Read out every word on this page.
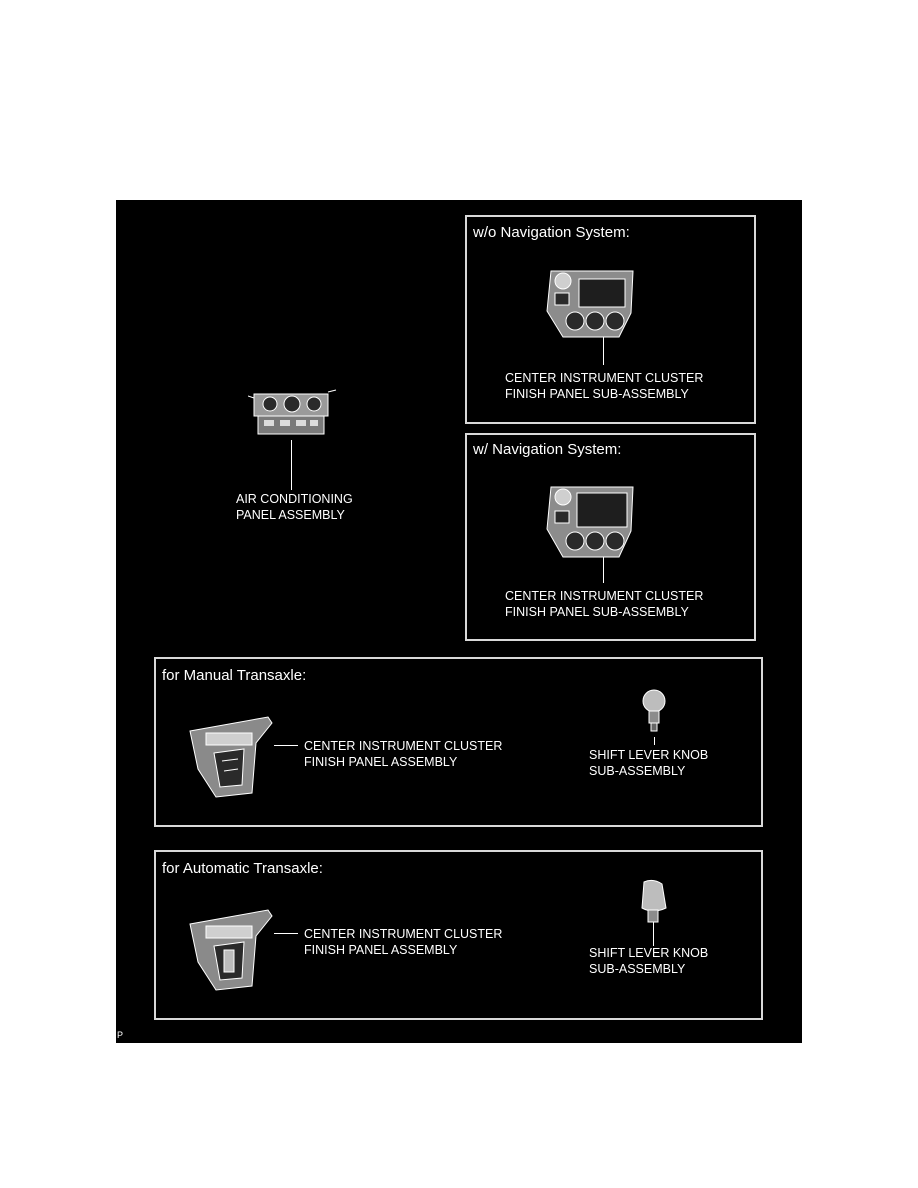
AIR CONDITIONING
PANEL ASSEMBLY
w/o Navigation System:
CENTER INSTRUMENT CLUSTER
FINISH PANEL SUB-ASSEMBLY
w/ Navigation System:
CENTER INSTRUMENT CLUSTER
FINISH PANEL SUB-ASSEMBLY
for Manual Transaxle:
CENTER INSTRUMENT CLUSTER
FINISH PANEL ASSEMBLY	SHIFT LEVER KNOB
SUB-ASSEMBLY
for Automatic Transaxle:
CENTER INSTRUMENT CLUSTER
FINISH PANEL ASSEMBLY	SHIFT LEVER KNOB
SUB-ASSEMBLY
P
